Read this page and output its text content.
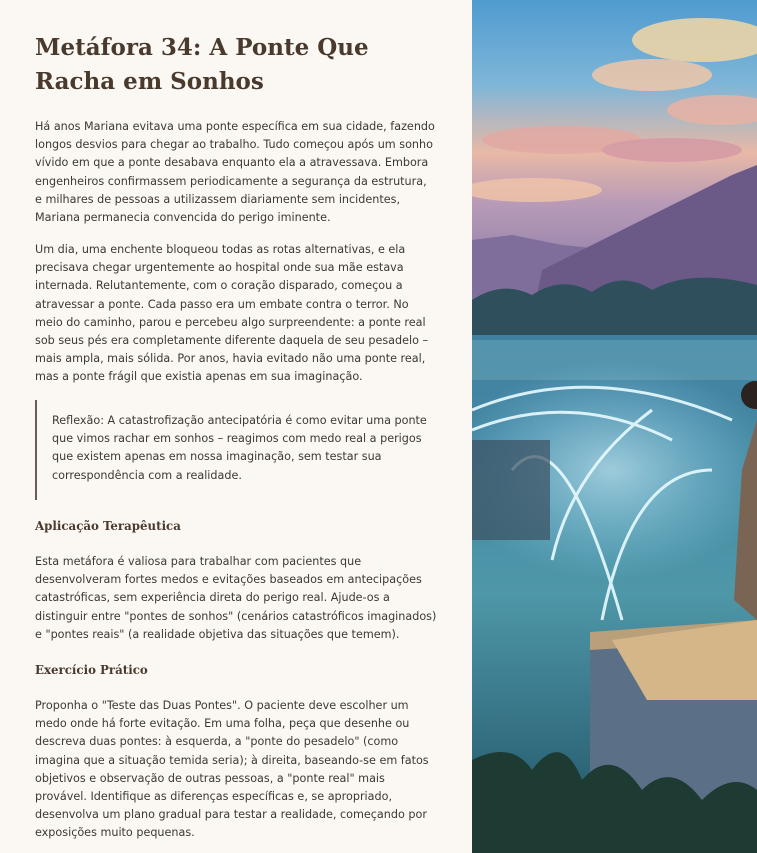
Metáfora 34: A Ponte Que Racha em Sonhos

Há anos Mariana evitava uma ponte específica em sua cidade, fazendo longos desvios para chegar ao trabalho. Tudo começou após um sonho vívido em que a ponte desabava enquanto ela a atravessava. Embora engenheiros confirmassem periodicamente a segurança da estrutura, e milhares de pessoas a utilizassem diariamente sem incidentes, Mariana permanecia convencida do perigo iminente.

Um dia, uma enchente bloqueou todas as rotas alternativas, e ela precisava chegar urgentemente ao hospital onde sua mãe estava internada. Relutantemente, com o coração disparado, começou a atravessar a ponte. Cada passo era um embate contra o terror. No meio do caminho, parou e percebeu algo surpreendente: a ponte real sob seus pés era completamente diferente daquela de seu pesadelo – mais ampla, mais sólida. Por anos, havia evitado não uma ponte real, mas a ponte frágil que existia apenas em sua imaginação.

Reflexão: A catastrofização antecipatória é como evitar uma ponte que vimos rachar em sonhos – reagimos com medo real a perigos que existem apenas em nossa imaginação, sem testar sua correspondência com a realidade.
Aplicação Terapêutica

Esta metáfora é valiosa para trabalhar com pacientes que desenvolveram fortes medos e evitações baseados em antecipações catastróficas, sem experiência direta do perigo real. Ajude-os a distinguir entre "pontes de sonhos" (cenários catastróficos imaginados) e "pontes reais" (a realidade objetiva das situações que temem).

Exercício Prático

Proponha o "Teste das Duas Pontes". O paciente deve escolher um medo onde há forte evitação. Em uma folha, peça que desenhe ou descreva duas pontes: à esquerda, a "ponte do pesadelo" (como imagina que a situação temida seria); à direita, baseando-se em fatos objetivos e observação de outras pessoas, a "ponte real" mais provável. Identifique as diferenças específicas e, se apropriado, desenvolva um plano gradual para testar a realidade, começando por exposições muito pequenas.
